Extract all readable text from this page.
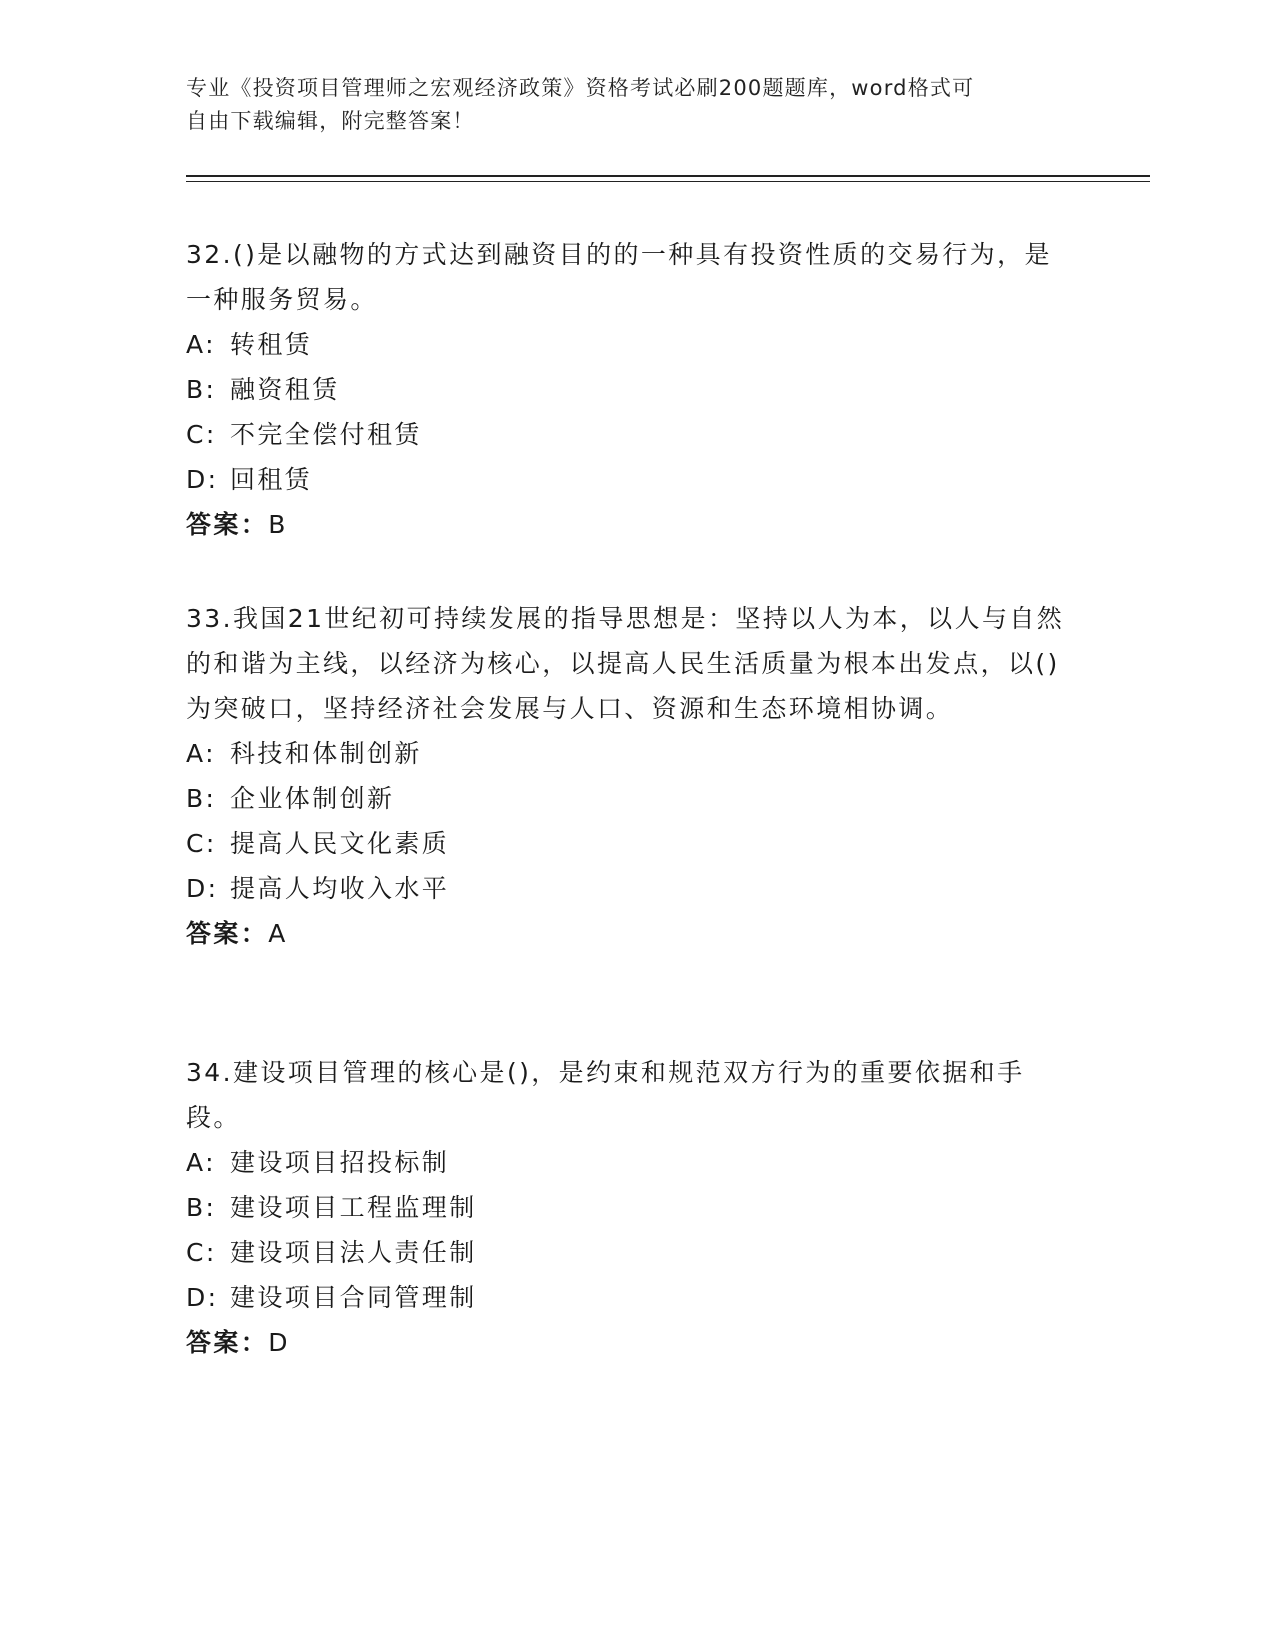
专业《投资项目管理师之宏观经济政策》资格考试必刷200题题库，word格式可
自由下载编辑，附完整答案！

32.()是以融物的方式达到融资目的的一种具有投资性质的交易行为，是一种服务贸易。

A: 转租赁
B: 融资租赁
C: 不完全偿付租赁
D: 回租赁
答案：B

33.我国21世纪初可持续发展的指导思想是：坚持以人为本，以人与自然的和谐为主线，以经济为核心，以提高人民生活质量为根本出发点，以()为突破口，坚持经济社会发展与人口、资源和生态环境相协调。

A: 科技和体制创新
B: 企业体制创新
C: 提高人民文化素质
D: 提高人均收入水平
答案：A

34.建设项目管理的核心是()，是约束和规范双方行为的重要依据和手段。

A: 建设项目招投标制
B: 建设项目工程监理制
C: 建设项目法人责任制
D: 建设项目合同管理制
答案：D
